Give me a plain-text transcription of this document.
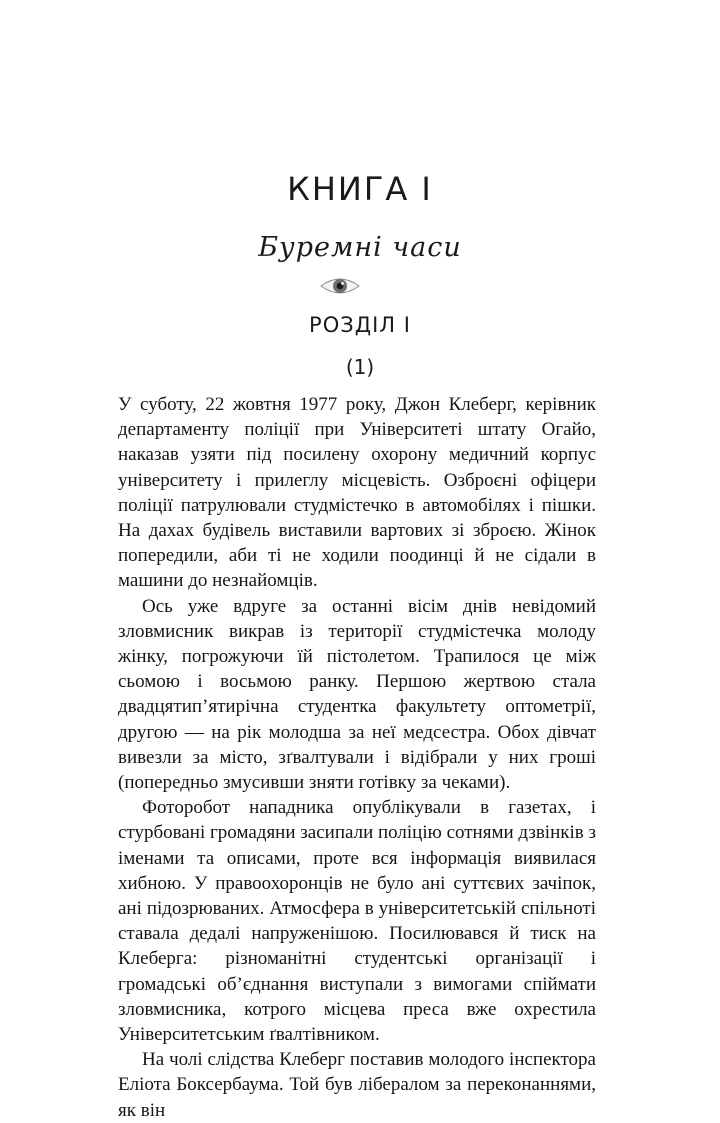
КНИГА І
Буремні часи
РОЗДІЛ І
(1)

У суботу, 22 жовтня 1977 року, Джон Клеберг, керівник департаменту поліції при Університеті штату Огайо, наказав узяти під посилену охорону медичний корпус університету і прилеглу місцевість. Озброєні офіцери поліції патрулювали студмістечко в автомобілях і пішки. На дахах будівель виставили вартових зі зброєю. Жінок попередили, аби ті не ходили поодинці й не сідали в машини до незнайомців.

Ось уже вдруге за останні вісім днів невідомий зловмисник викрав із території студмістечка молоду жінку, погрожуючи їй пістолетом. Трапилося це між сьомою і восьмою ранку. Першою жертвою стала двадцятип’ятирічна студентка факультету оптометрії, другою — на рік молодша за неї медсестра. Обох дівчат вивезли за місто, зґвалтували і відібрали у них гроші (попередньо змусивши зняти готівку за чеками).

Фоторобот нападника опублікували в газетах, і стурбовані громадяни засипали поліцію сотнями дзвінків з іменами та описами, проте вся інформація виявилася хибною. У правоохоронців не було ані суттєвих зачіпок, ані підозрюваних. Атмосфера в університетській спільноті ставала дедалі напруженішою. Посилювався й тиск на Клеберга: різноманітні студентські організації і громадські об’єднання виступали з вимогами спіймати зловмисника, котрого місцева преса вже охрестила Університетським ґвалтівником.

На чолі слідства Клеберг поставив молодого інспектора Еліота Боксербаума. Той був лібералом за переконаннями, як він
